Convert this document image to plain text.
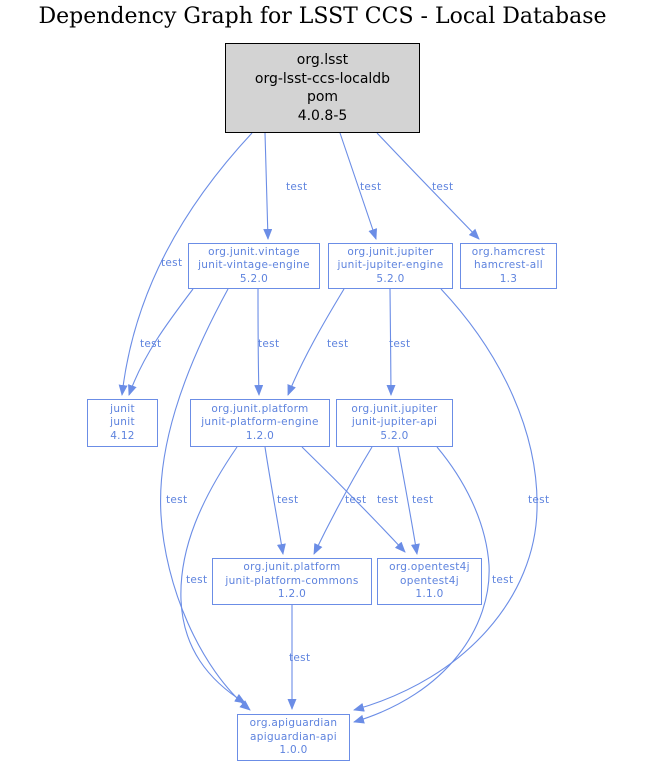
Dependency Graph for LSST CCS - Local Database
org.lsst
org-lsst-ccs-localdb
pom
4.0.8-5
org.junit.vintage
junit-vintage-engine
5.2.0
org.junit.jupiter
junit-jupiter-engine
5.2.0
org.hamcrest
hamcrest-all
1.3
junit
junit
4.12
org.junit.platform
junit-platform-engine
1.2.0
org.junit.jupiter
junit-jupiter-api
5.2.0
org.junit.platform
junit-platform-commons
1.2.0
org.opentest4j
opentest4j
1.1.0
org.apiguardian
apiguardian-api
1.0.0
test	test	test
test
test	test	test	test
test	test	test test test	test
test	test
test
